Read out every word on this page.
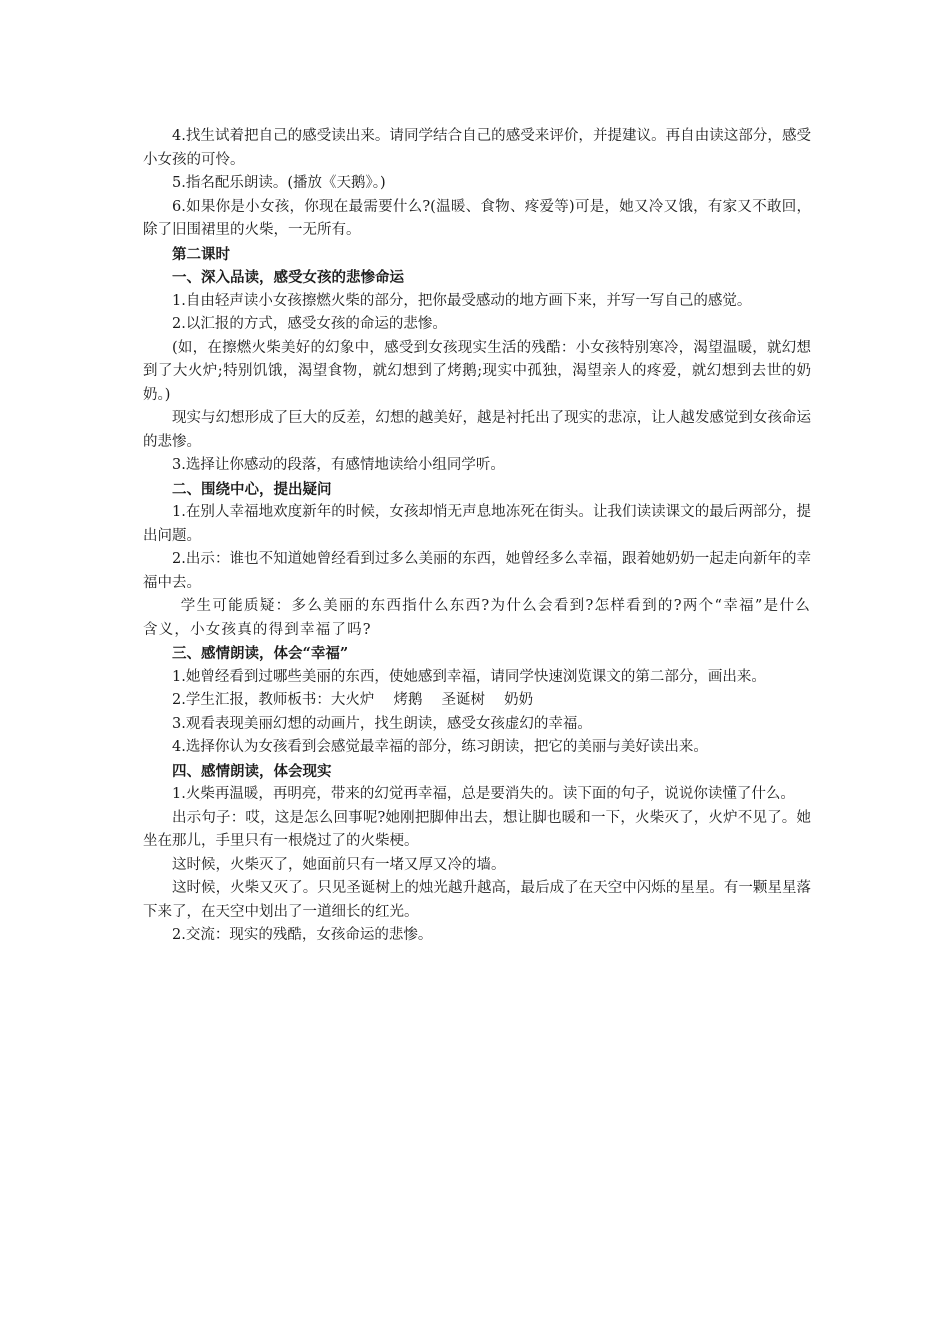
4.找生试着把自己的感受读出来。请同学结合自己的感受来评价，并提建议。再自由读这部分，感受小女孩的可怜。

5.指名配乐朗读。(播放《天鹅》。)

6.如果你是小女孩，你现在最需要什么?(温暖、食物、疼爱等)可是，她又冷又饿，有家又不敢回，除了旧围裙里的火柴，一无所有。

第二课时

一、深入品读，感受女孩的悲惨命运

1.自由轻声读小女孩擦燃火柴的部分，把你最受感动的地方画下来，并写一写自己的感觉。

2.以汇报的方式，感受女孩的命运的悲惨。

(如，在擦燃火柴美好的幻象中，感受到女孩现实生活的残酷：小女孩特别寒冷，渴望温暖，就幻想到了大火炉;特别饥饿，渴望食物，就幻想到了烤鹅;现实中孤独，渴望亲人的疼爱，就幻想到去世的奶奶。)

现实与幻想形成了巨大的反差，幻想的越美好，越是衬托出了现实的悲凉，让人越发感觉到女孩命运的悲惨。

3.选择让你感动的段落，有感情地读给小组同学听。

二、围绕中心，提出疑问

1.在别人幸福地欢度新年的时候，女孩却悄无声息地冻死在街头。让我们读读课文的最后两部分，提出问题。

2.出示：谁也不知道她曾经看到过多么美丽的东西，她曾经多么幸福，跟着她奶奶一起走向新年的幸福中去。

学生可能质疑：多么美丽的东西指什么东西?为什么会看到?怎样看到的?两个“幸福”是什么含义，小女孩真的得到幸福了吗?

三、感情朗读，体会“幸福”

1.她曾经看到过哪些美丽的东西，使她感到幸福，请同学快速浏览课文的第二部分，画出来。

2.学生汇报，教师板书：大火炉　 烤鹅　 圣诞树　 奶奶

3.观看表现美丽幻想的动画片，找生朗读，感受女孩虚幻的幸福。

4.选择你认为女孩看到会感觉最幸福的部分，练习朗读，把它的美丽与美好读出来。

四、感情朗读，体会现实

1.火柴再温暖，再明亮，带来的幻觉再幸福，总是要消失的。读下面的句子，说说你读懂了什么。

出示句子：哎，这是怎么回事呢?她刚把脚伸出去，想让脚也暖和一下，火柴灭了，火炉不见了。她坐在那儿，手里只有一根烧过了的火柴梗。

这时候，火柴灭了，她面前只有一堵又厚又冷的墙。

这时候，火柴又灭了。只见圣诞树上的烛光越升越高，最后成了在天空中闪烁的星星。有一颗星星落下来了，在天空中划出了一道细长的红光。

2.交流：现实的残酷，女孩命运的悲惨。
